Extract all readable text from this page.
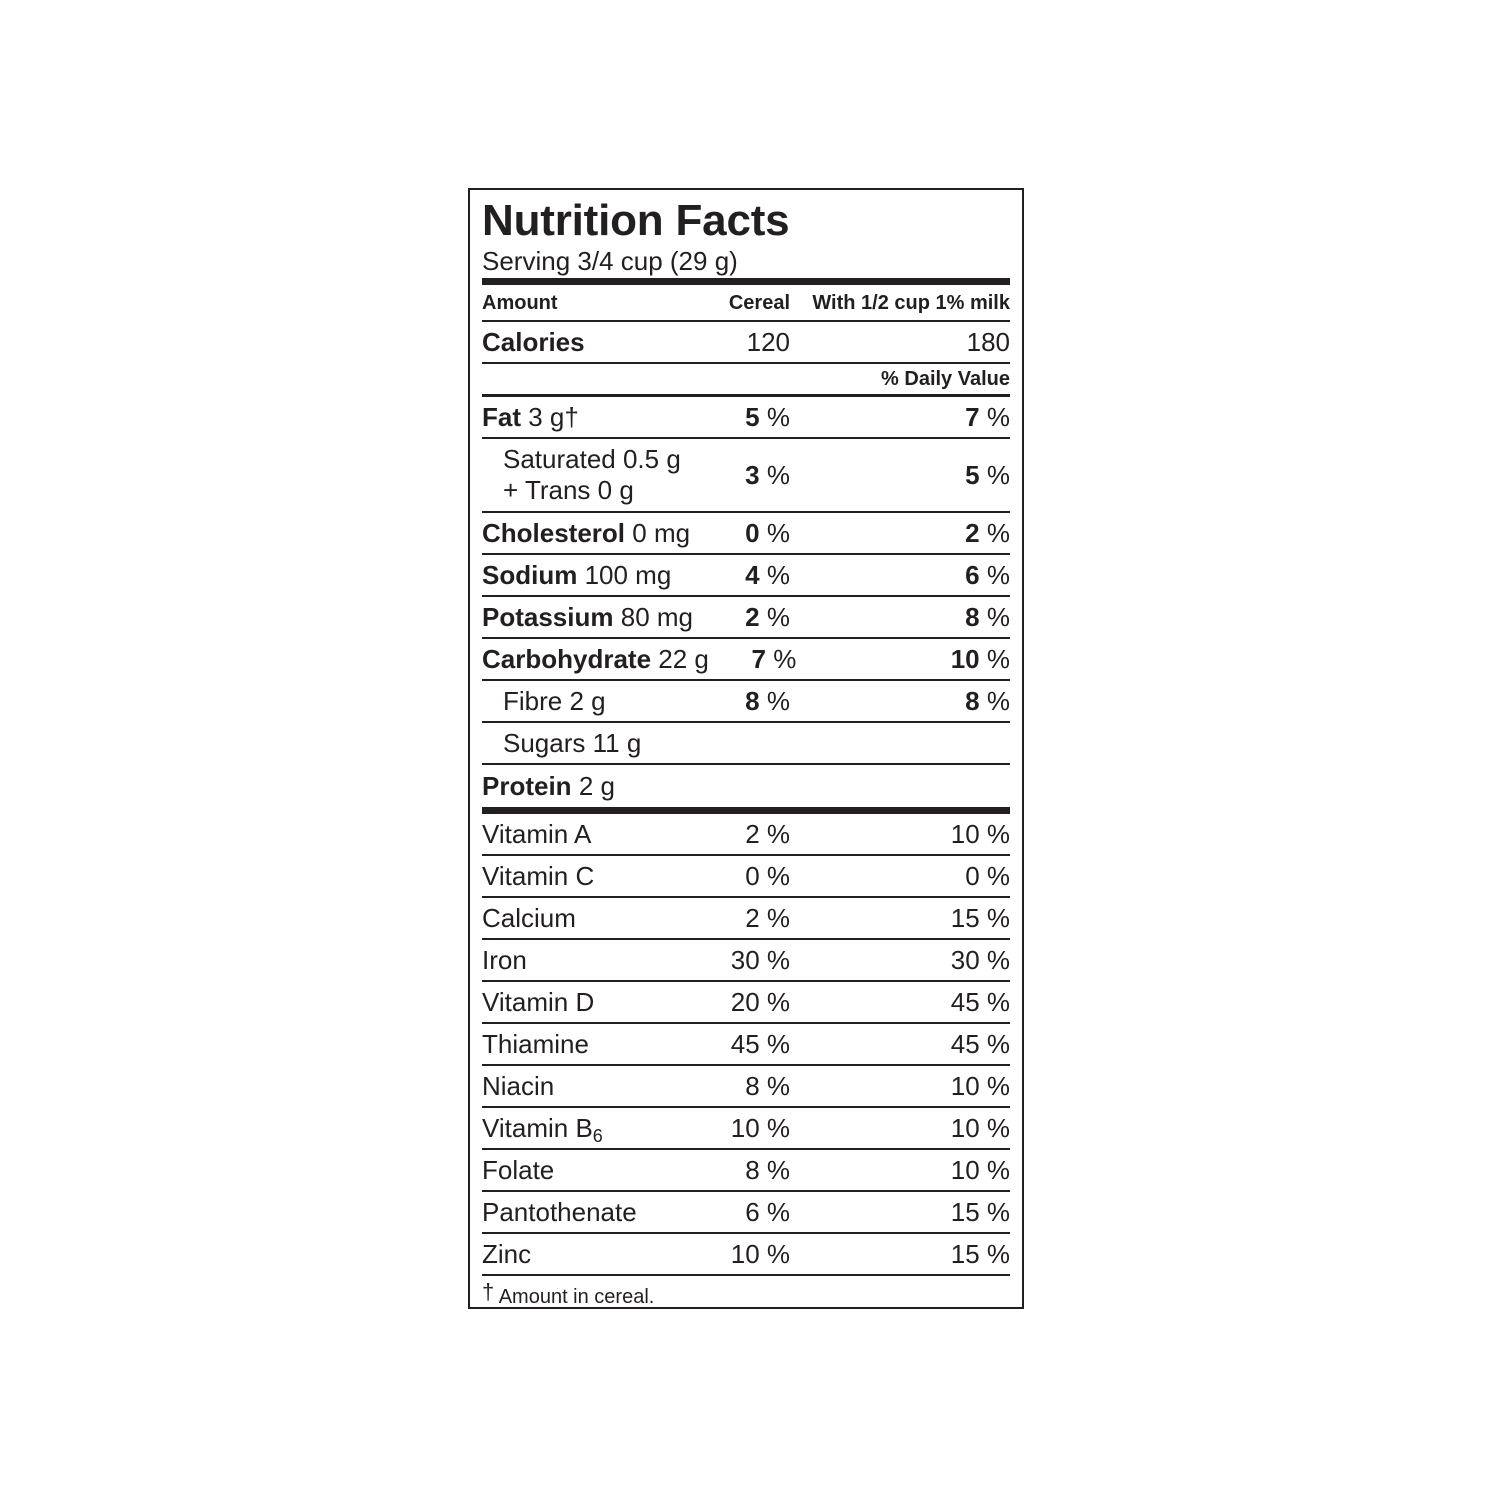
Nutrition Facts
Serving 3/4 cup (29 g)
Amount	Cereal	With 1/2 cup 1% milk
Calories	120	180
% Daily Value
Fat 3 g†	5 %	7 %
Saturated 0.5 g
+ Trans 0 g
3 %	5 %
Cholesterol 0 mg	0 %	2 %
Sodium 100 mg	4 %	6 %
Potassium 80 mg	2 %	8 %
Carbohydrate 22 g	7 %	10 %
Fibre 2 g	8 %	8 %
Sugars 11 g
Protein 2 g
Vitamin A	2 %	10 %
Vitamin C	0 %	0 %
Calcium	2 %	15 %
Iron	30 %	30 %
Vitamin D	20 %	45 %
Thiamine	45 %	45 %
Niacin	8 %	10 %
Vitamin $B_6$	10 %	10 %
Folate	8 %	10 %
Pantothenate	6 %	15 %
Zinc	10 %	15 %
† Amount in cereal.
